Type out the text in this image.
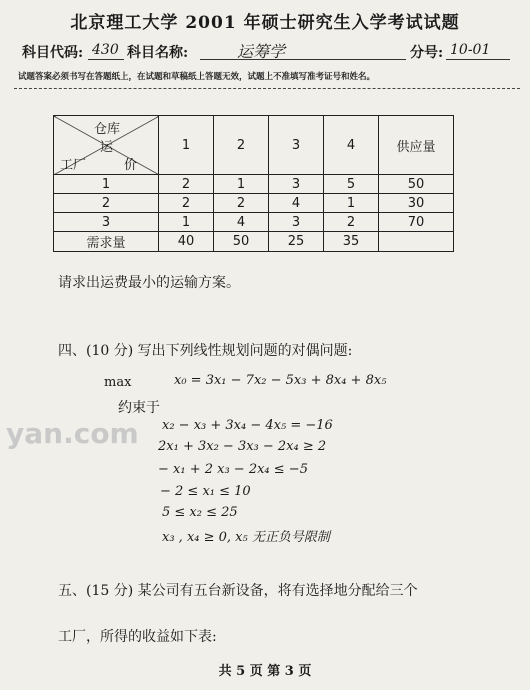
北京理工大学 2001 年硕士研究生入学考试试题
科目代码: 430 科目名称:	运筹学	分号: 10-01
试题答案必须书写在答题纸上，在试题和草稿纸上答题无效，试题上不准填写准考证号和姓名。
仓库
运
工厂 价	1	2	3	4	供应量
1	2	1	3	5	50
2	2	2	4	1	30
3	1	4	3	2	70
需求量	40	50	25	35	
请求出运费最小的运输方案。
四、(10 分) 写出下列线性规划问题的对偶问题:
max	x₀ = 3x₁ − 7x₂ − 5x₃ + 8x₄ + 8x₅
约束于
x₂ − x₃ + 3x₄ − 4x₅ = −16
2x₁ + 3x₂ − 3x₃ − 2x₄ ≥ 2
− x₁ + 2 x₃ − 2x₄ ≤ −5
− 2 ≤ x₁ ≤ 10
5 ≤ x₂ ≤ 25
x₃ , x₄ ≥ 0, x₅ 无正负号限制
yan.com
五、(15 分) 某公司有五台新设备，将有选择地分配给三个
工厂，所得的收益如下表:
共 5 页 第 3 页
